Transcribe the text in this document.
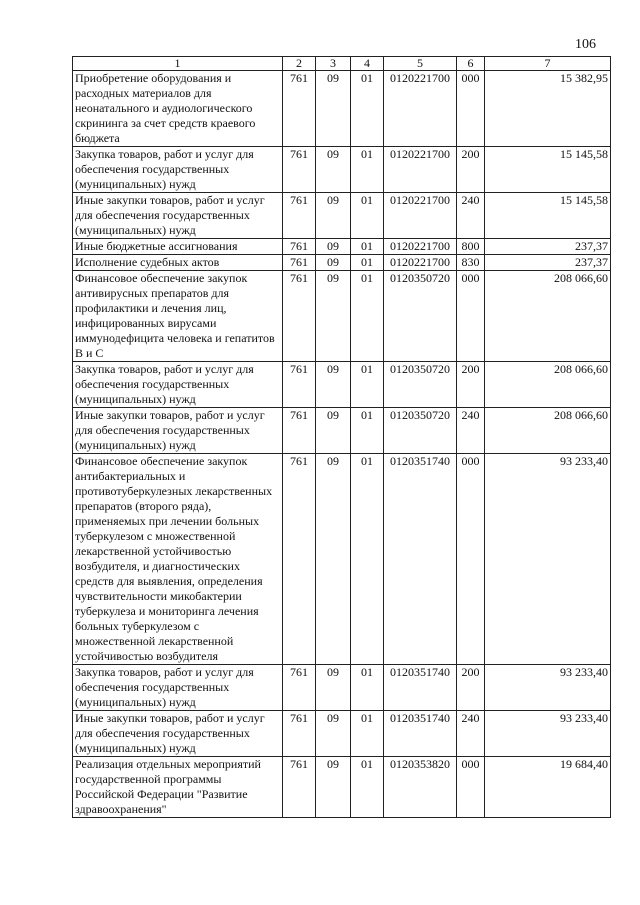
106
1	2	3	4	5	6	7
Приобретение оборудования и расходных материалов для неонатального и аудиологического скрининга за счет средств краевого бюджета	761	09	01	0120221700	000	15 382,95
Закупка товаров, работ и услуг для обеспечения государственных (муниципальных) нужд	761	09	01	0120221700	200	15 145,58
Иные закупки товаров, работ и услуг для обеспечения государственных (муниципальных) нужд	761	09	01	0120221700	240	15 145,58
Иные бюджетные ассигнования	761	09	01	0120221700	800	237,37
Исполнение судебных актов	761	09	01	0120221700	830	237,37
Финансовое обеспечение закупок антивирусных препаратов для профилактики и лечения лиц, инфицированных вирусами иммунодефицита человека и гепатитов В и С	761	09	01	0120350720	000	208 066,60
Закупка товаров, работ и услуг для обеспечения государственных (муниципальных) нужд	761	09	01	0120350720	200	208 066,60
Иные закупки товаров, работ и услуг для обеспечения государственных (муниципальных) нужд	761	09	01	0120350720	240	208 066,60
Финансовое обеспечение закупок антибактериальных и противотуберкулезных лекарственных препаратов (второго ряда), применяемых при лечении больных туберкулезом с множественной лекарственной устойчивостью возбудителя, и диагностических средств для выявления, определения чувствительности микобактерии туберкулеза и мониторинга лечения больных туберкулезом с множественной лекарственной устойчивостью возбудителя	761	09	01	0120351740	000	93 233,40
Закупка товаров, работ и услуг для обеспечения государственных (муниципальных) нужд	761	09	01	0120351740	200	93 233,40
Иные закупки товаров, работ и услуг для обеспечения государственных (муниципальных) нужд	761	09	01	0120351740	240	93 233,40
Реализация отдельных мероприятий государственной программы Российской Федерации "Развитие здравоохранения"	761	09	01	0120353820	000	19 684,40
